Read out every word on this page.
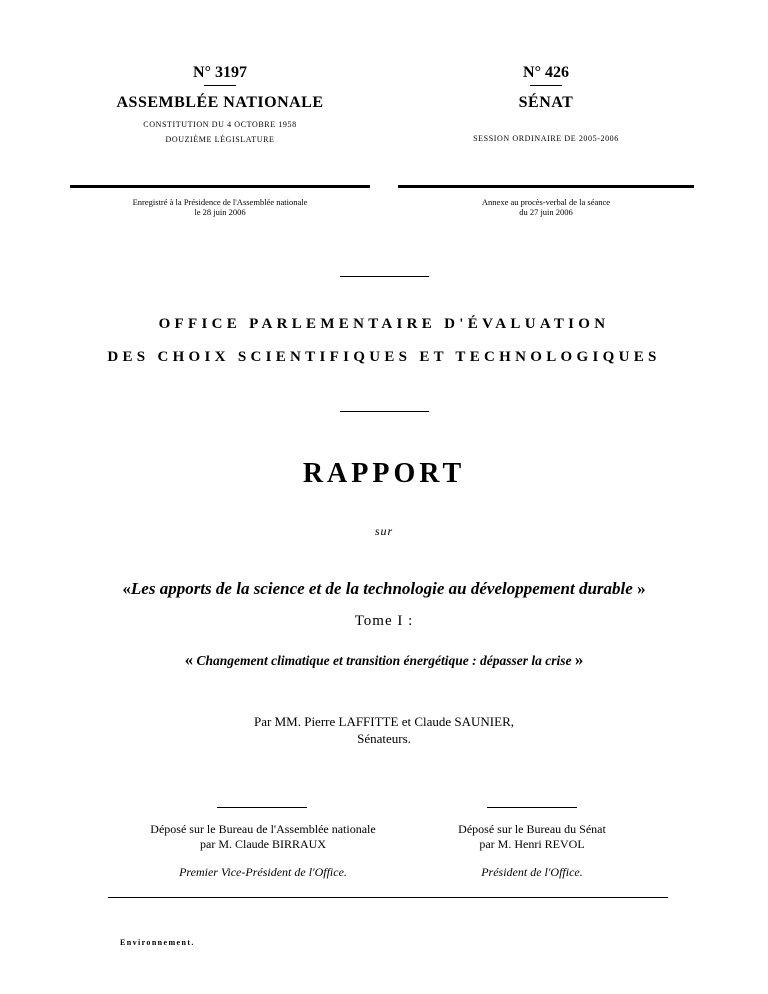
N° 3197
ASSEMBLÉE NATIONALE
CONSTITUTION DU 4 OCTOBRE 1958
DOUZIÈME LÉGISLATURE
N° 426
SÉNAT
SESSION ORDINAIRE DE 2005-2006
Enregistré à la Présidence de l'Assemblée nationale
le 28 juin 2006
Annexe au procès-verbal de la séance
du 27 juin 2006
OFFICE PARLEMENTAIRE D'ÉVALUATION
DES CHOIX SCIENTIFIQUES ET TECHNOLOGIQUES
RAPPORT
sur
«Les apports de la science et de la technologie au développement durable »
Tome I :
« Changement climatique et transition énergétique : dépasser la crise »
Par MM. Pierre LAFFITTE et Claude SAUNIER,
Sénateurs.
Déposé sur le Bureau de l'Assemblée nationale
par M. Claude BIRRAUX
Premier Vice-Président de l'Office.
Déposé sur le Bureau du Sénat
par M. Henri REVOL
Président de l'Office.
Environnement.
